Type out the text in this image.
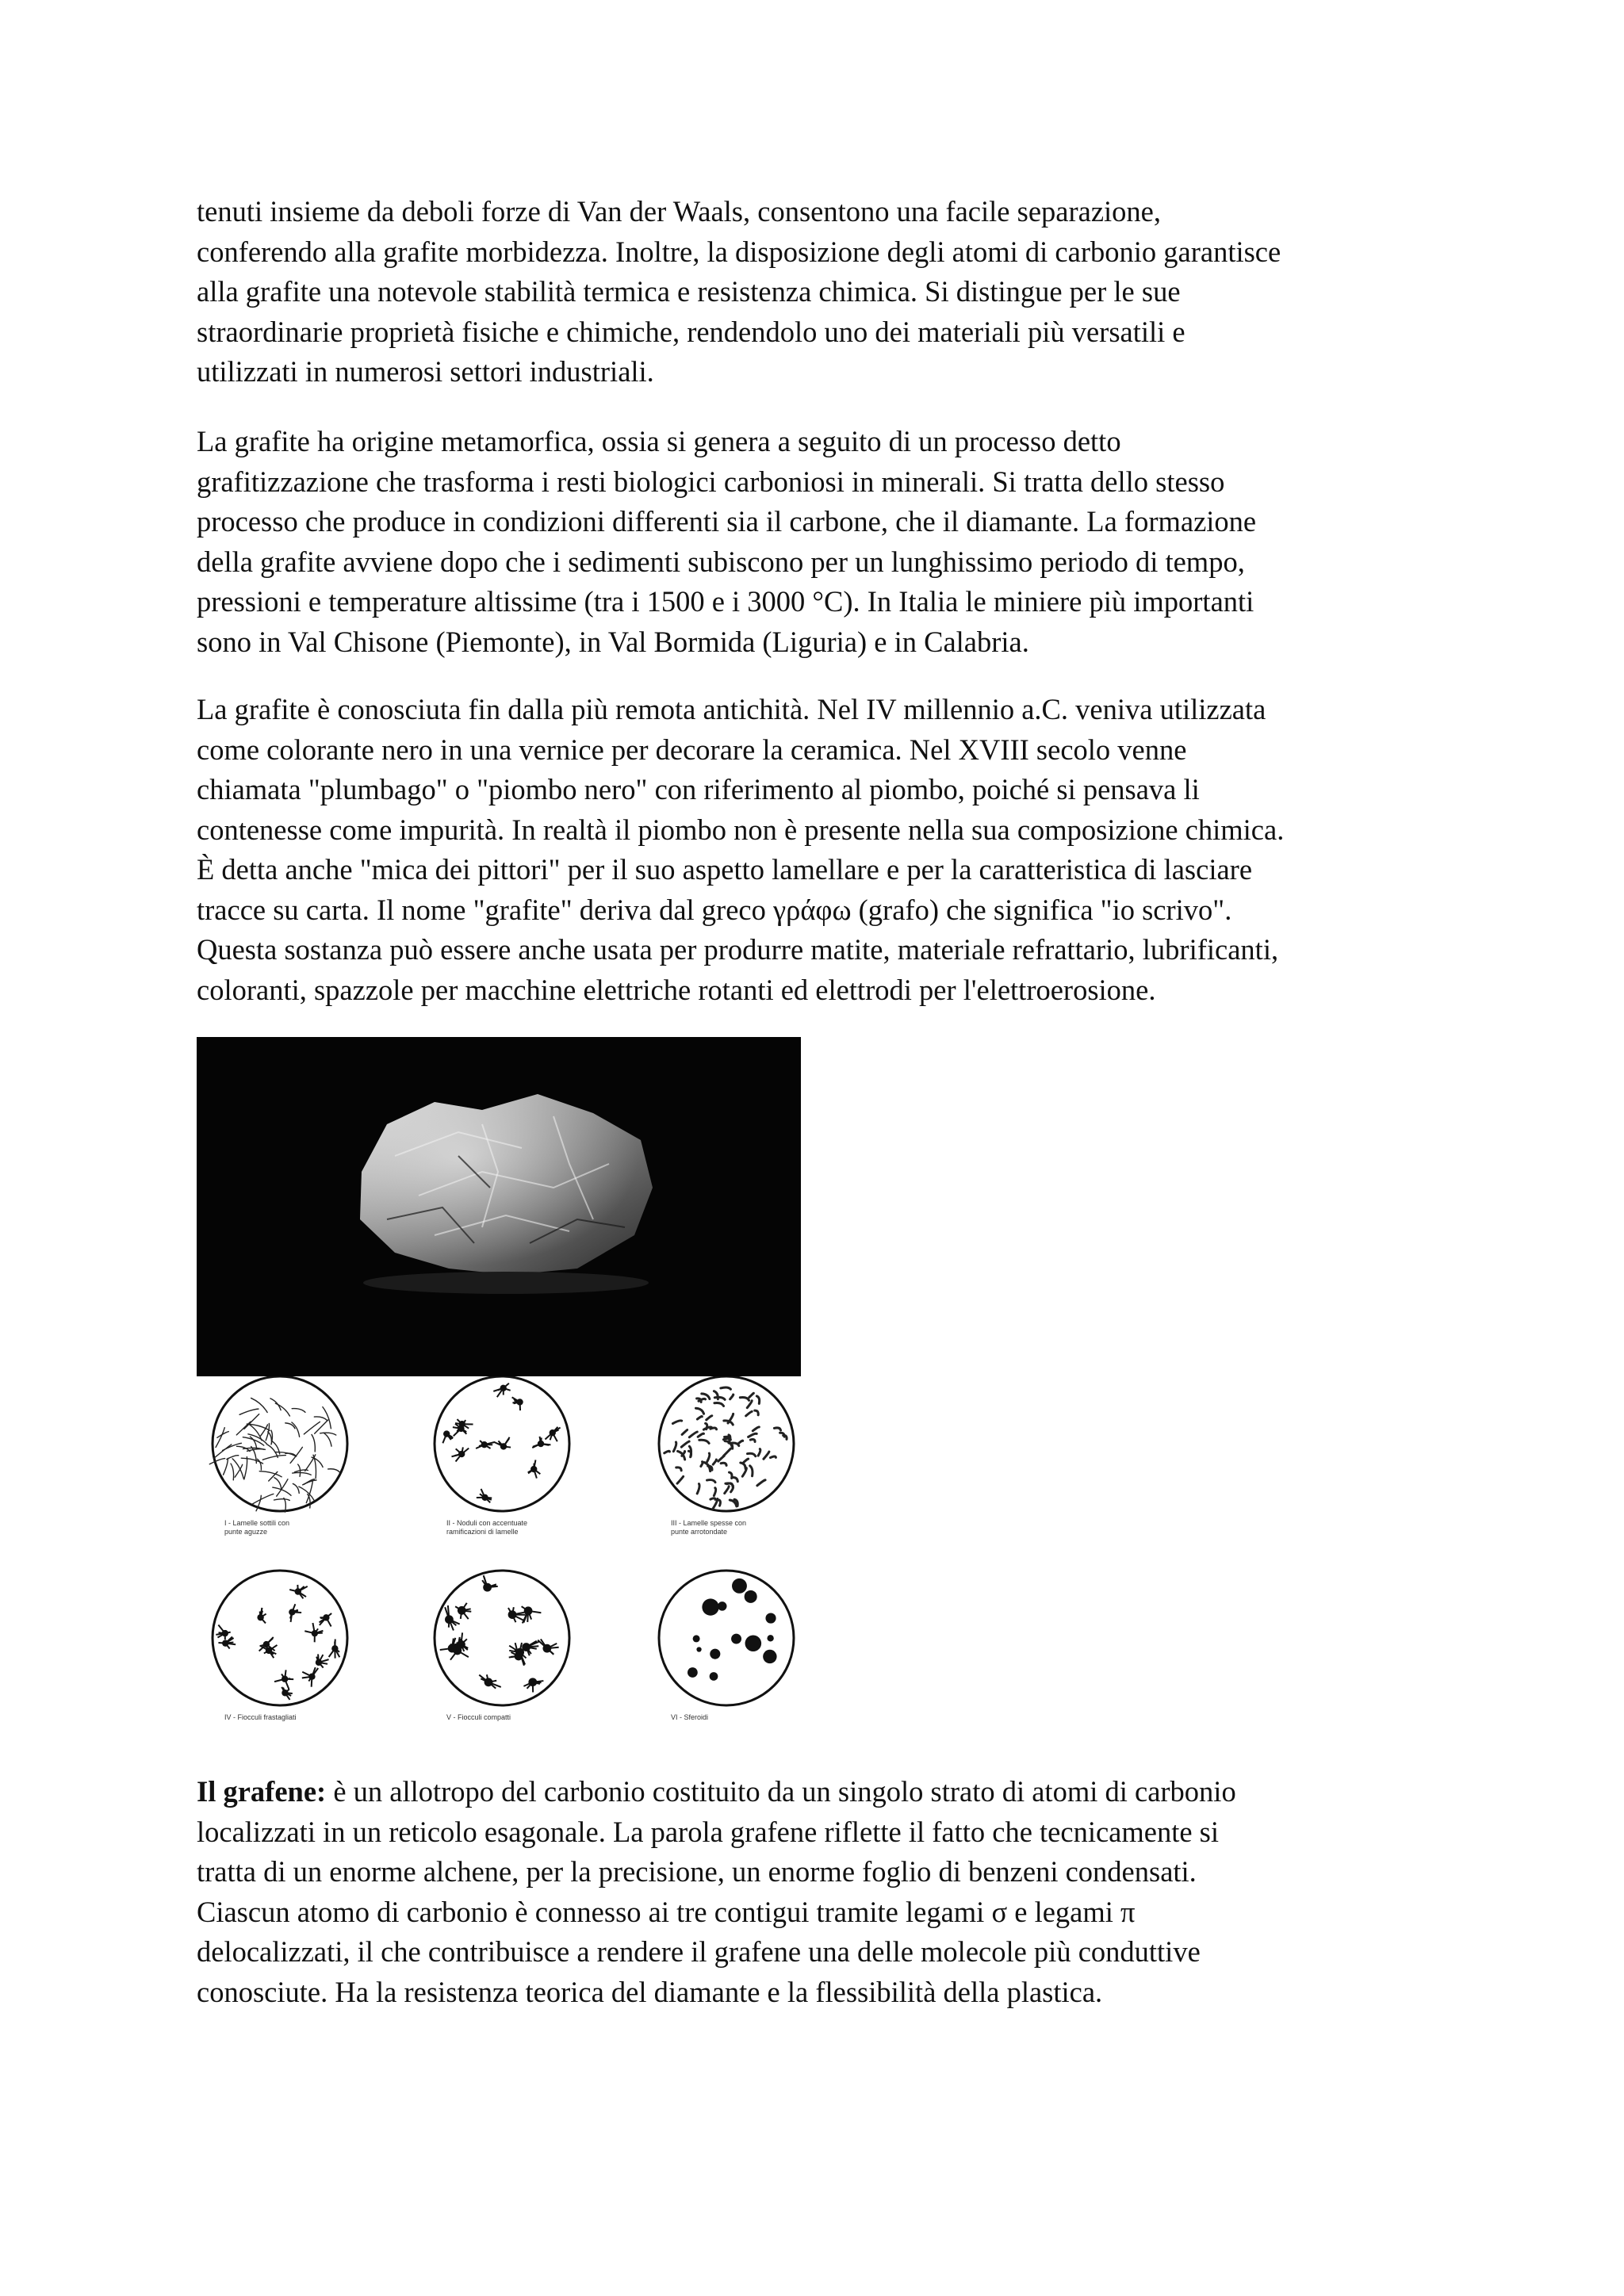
tenuti insieme da deboli forze di Van der Waals, consentono una facile separazione,
conferendo alla grafite morbidezza. Inoltre, la disposizione degli atomi di carbonio garantisce
alla grafite una notevole stabilità termica e resistenza chimica. Si distingue per le sue
straordinarie proprietà fisiche e chimiche, rendendolo uno dei materiali più versatili e
utilizzati in numerosi settori industriali.

La grafite ha origine metamorfica, ossia si genera a seguito di un processo detto
grafitizzazione che trasforma i resti biologici carboniosi in minerali. Si tratta dello stesso
processo che produce in condizioni differenti sia il carbone, che il diamante. La formazione
della grafite avviene dopo che i sedimenti subiscono per un lunghissimo periodo di tempo,
pressioni e temperature altissime (tra i 1500 e i 3000 °C). In Italia le miniere più importanti
sono in Val Chisone (Piemonte), in Val Bormida (Liguria) e in Calabria.

La grafite è conosciuta fin dalla più remota antichità. Nel IV millennio a.C. veniva utilizzata
come colorante nero in una vernice per decorare la ceramica. Nel XVIII secolo venne
chiamata "plumbago" o "piombo nero" con riferimento al piombo, poiché si pensava li
contenesse come impurità. In realtà il piombo non è presente nella sua composizione chimica.
È detta anche "mica dei pittori" per il suo aspetto lamellare e per la caratteristica di lasciare
tracce su carta. Il nome "grafite" deriva dal greco γράφω (grafo) che significa "io scrivo".
Questa sostanza può essere anche usata per produrre matite, materiale refrattario, lubrificanti,
coloranti, spazzole per macchine elettriche rotanti ed elettrodi per l'elettroerosione.

I - Lamelle sottili con
punte aguzze
II - Noduli con accentuate
ramificazioni di lamelle
III - Lamelle spesse con
punte arrotondate
IV - Fiocculi frastagliati	V - Fiocculi compatti	VI - Sferoidi

Il grafene: è un allotropo del carbonio costituito da un singolo strato di atomi di carbonio
localizzati in un reticolo esagonale. La parola grafene riflette il fatto che tecnicamente si
tratta di un enorme alchene, per la precisione, un enorme foglio di benzeni condensati.
Ciascun atomo di carbonio è connesso ai tre contigui tramite legami σ e legami π
delocalizzati, il che contribuisce a rendere il grafene una delle molecole più conduttive
conosciute. Ha la resistenza teorica del diamante e la flessibilità della plastica.
